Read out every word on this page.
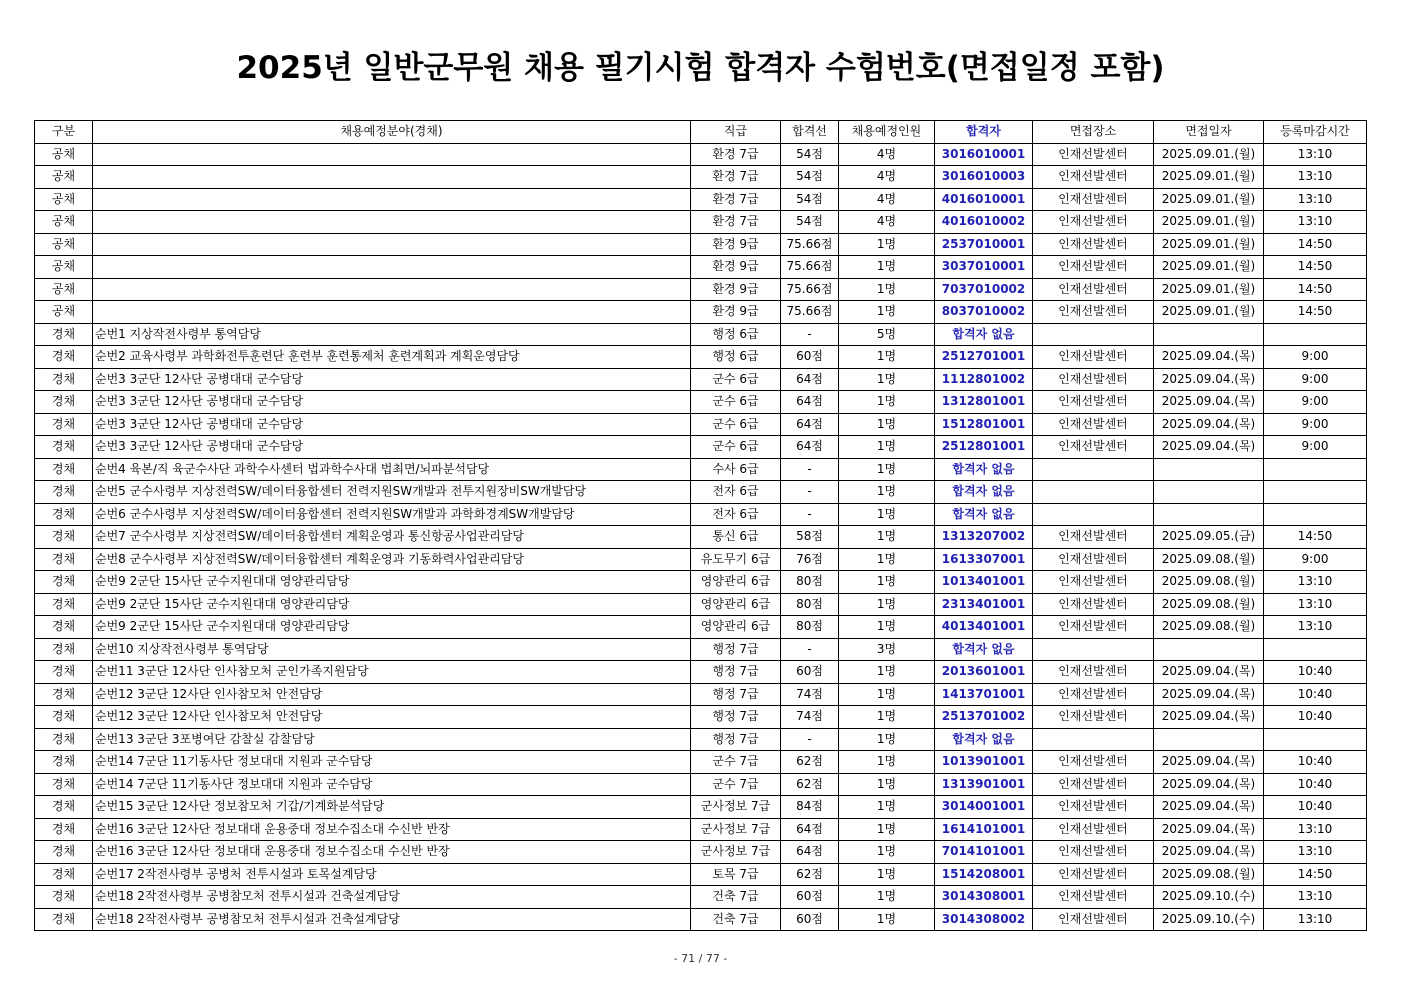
2025년 일반군무원 채용 필기시험 합격자 수험번호(면접일정 포함)
구분	채용예정분야(경채)	직급	합격선	채용예정인원	합격자	면접장소	면접일자	등록마감시간
공채		환경 7급	54점	4명	3016010001	인재선발센터	2025.09.01.(월)	13:10
공채		환경 7급	54점	4명	3016010003	인재선발센터	2025.09.01.(월)	13:10
공채		환경 7급	54점	4명	4016010001	인재선발센터	2025.09.01.(월)	13:10
공채		환경 7급	54점	4명	4016010002	인재선발센터	2025.09.01.(월)	13:10
공채		환경 9급	75.66점	1명	2537010001	인재선발센터	2025.09.01.(월)	14:50
공채		환경 9급	75.66점	1명	3037010001	인재선발센터	2025.09.01.(월)	14:50
공채		환경 9급	75.66점	1명	7037010002	인재선발센터	2025.09.01.(월)	14:50
공채		환경 9급	75.66점	1명	8037010002	인재선발센터	2025.09.01.(월)	14:50
경채	순번1 지상작전사령부 통역담당	행정 6급	-	5명	합격자 없음			
경채	순번2 교육사령부 과학화전투훈련단 훈련부 훈련통제처 훈련계획과 계획운영담당	행정 6급	60점	1명	2512701001	인재선발센터	2025.09.04.(목)	9:00
경채	순번3 3군단 12사단 공병대대 군수담당	군수 6급	64점	1명	1112801002	인재선발센터	2025.09.04.(목)	9:00
경채	순번3 3군단 12사단 공병대대 군수담당	군수 6급	64점	1명	1312801001	인재선발센터	2025.09.04.(목)	9:00
경채	순번3 3군단 12사단 공병대대 군수담당	군수 6급	64점	1명	1512801001	인재선발센터	2025.09.04.(목)	9:00
경채	순번3 3군단 12사단 공병대대 군수담당	군수 6급	64점	1명	2512801001	인재선발센터	2025.09.04.(목)	9:00
경채	순번4 육본/직 육군수사단 과학수사센터 법과학수사대 법최면/뇌파분석담당	수사 6급	-	1명	합격자 없음			
경채	순번5 군수사령부 지상전력SW/데이터융합센터 전력지원SW개발과 전투지원장비SW개발담당	전자 6급	-	1명	합격자 없음			
경채	순번6 군수사령부 지상전력SW/데이터융합센터 전력지원SW개발과 과학화경계SW개발담당	전자 6급	-	1명	합격자 없음			
경채	순번7 군수사령부 지상전력SW/데이터융합센터 계획운영과 통신항공사업관리담당	통신 6급	58점	1명	1313207002	인재선발센터	2025.09.05.(금)	14:50
경채	순번8 군수사령부 지상전력SW/데이터융합센터 계획운영과 기동화력사업관리담당	유도무기 6급	76점	1명	1613307001	인재선발센터	2025.09.08.(월)	9:00
경채	순번9 2군단 15사단 군수지원대대 영양관리담당	영양관리 6급	80점	1명	1013401001	인재선발센터	2025.09.08.(월)	13:10
경채	순번9 2군단 15사단 군수지원대대 영양관리담당	영양관리 6급	80점	1명	2313401001	인재선발센터	2025.09.08.(월)	13:10
경채	순번9 2군단 15사단 군수지원대대 영양관리담당	영양관리 6급	80점	1명	4013401001	인재선발센터	2025.09.08.(월)	13:10
경채	순번10 지상작전사령부 통역담당	행정 7급	-	3명	합격자 없음			
경채	순번11 3군단 12사단 인사참모처 군인가족지원담당	행정 7급	60점	1명	2013601001	인재선발센터	2025.09.04.(목)	10:40
경채	순번12 3군단 12사단 인사참모처 안전담당	행정 7급	74점	1명	1413701001	인재선발센터	2025.09.04.(목)	10:40
경채	순번12 3군단 12사단 인사참모처 안전담당	행정 7급	74점	1명	2513701002	인재선발센터	2025.09.04.(목)	10:40
경채	순번13 3군단 3포병여단 감찰실 감찰담당	행정 7급	-	1명	합격자 없음			
경채	순번14 7군단 11기동사단 정보대대 지원과 군수담당	군수 7급	62점	1명	1013901001	인재선발센터	2025.09.04.(목)	10:40
경채	순번14 7군단 11기동사단 정보대대 지원과 군수담당	군수 7급	62점	1명	1313901001	인재선발센터	2025.09.04.(목)	10:40
경채	순번15 3군단 12사단 정보참모처 기갑/기계화분석담당	군사정보 7급	84점	1명	3014001001	인재선발센터	2025.09.04.(목)	10:40
경채	순번16 3군단 12사단 정보대대 운용중대 정보수집소대 수신반 반장	군사정보 7급	64점	1명	1614101001	인재선발센터	2025.09.04.(목)	13:10
경채	순번16 3군단 12사단 정보대대 운용중대 정보수집소대 수신반 반장	군사정보 7급	64점	1명	7014101001	인재선발센터	2025.09.04.(목)	13:10
경채	순번17 2작전사령부 공병처 전투시설과 토목설계담당	토목 7급	62점	1명	1514208001	인재선발센터	2025.09.08.(월)	14:50
경채	순번18 2작전사령부 공병참모처 전투시설과 건축설계담당	건축 7급	60점	1명	3014308001	인재선발센터	2025.09.10.(수)	13:10
경채	순번18 2작전사령부 공병참모처 전투시설과 건축설계담당	건축 7급	60점	1명	3014308002	인재선발센터	2025.09.10.(수)	13:10
- 71 / 77 -
